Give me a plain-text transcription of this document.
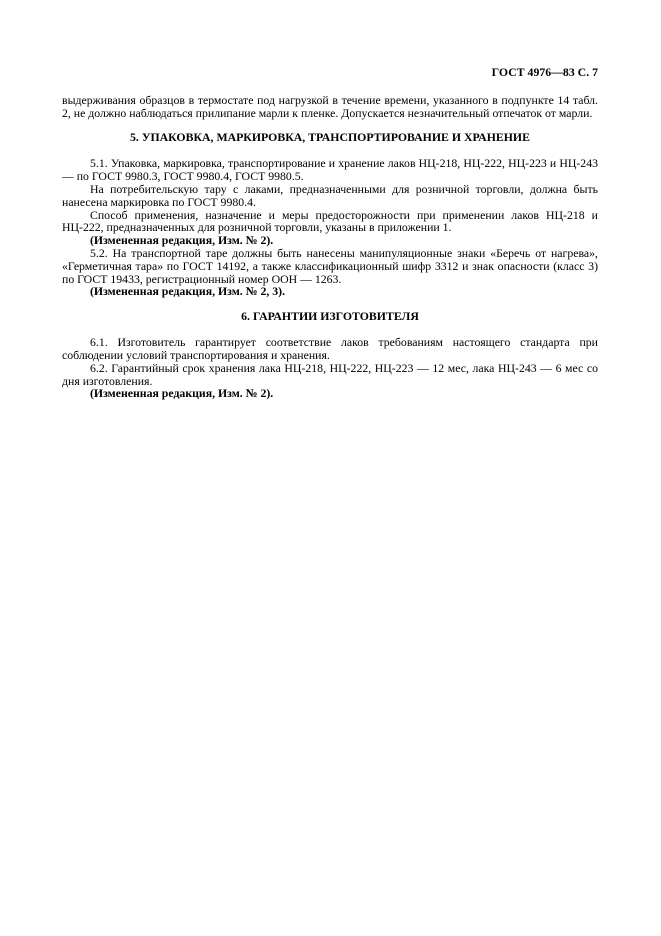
ГОСТ 4976—83 С. 7

выдерживания образцов в термостате под нагрузкой в течение времени, указанного в подпункте 14 табл. 2, не должно наблюдаться прилипание марли к пленке. Допускается незначительный отпечаток от марли.

5. УПАКОВКА, МАРКИРОВКА, ТРАНСПОРТИРОВАНИЕ И ХРАНЕНИЕ

5.1. Упаковка, маркировка, транспортирование и хранение лаков НЦ-218, НЦ-222, НЦ-223 и НЦ-243 — по ГОСТ 9980.3, ГОСТ 9980.4, ГОСТ 9980.5.

На потребительскую тару с лаками, предназначенными для розничной торговли, должна быть нанесена маркировка по ГОСТ 9980.4.

Способ применения, назначение и меры предосторожности при применении лаков НЦ-218 и НЦ-222, предназначенных для розничной торговли, указаны в приложении 1.

(Измененная редакция, Изм. № 2).

5.2. На транспортной таре должны быть нанесены манипуляционные знаки «Беречь от нагрева», «Герметичная тара» по ГОСТ 14192, а также классификационный шифр 3312 и знак опасности (класс 3) по ГОСТ 19433, регистрационный номер ООН — 1263.

(Измененная редакция, Изм. № 2, 3).

6. ГАРАНТИИ ИЗГОТОВИТЕЛЯ

6.1. Изготовитель гарантирует соответствие лаков требованиям настоящего стандарта при соблюдении условий транспортирования и хранения.

6.2. Гарантийный срок хранения лака НЦ-218, НЦ-222, НЦ-223 — 12 мес, лака НЦ-243 — 6 мес со дня изготовления.

(Измененная редакция, Изм. № 2).
